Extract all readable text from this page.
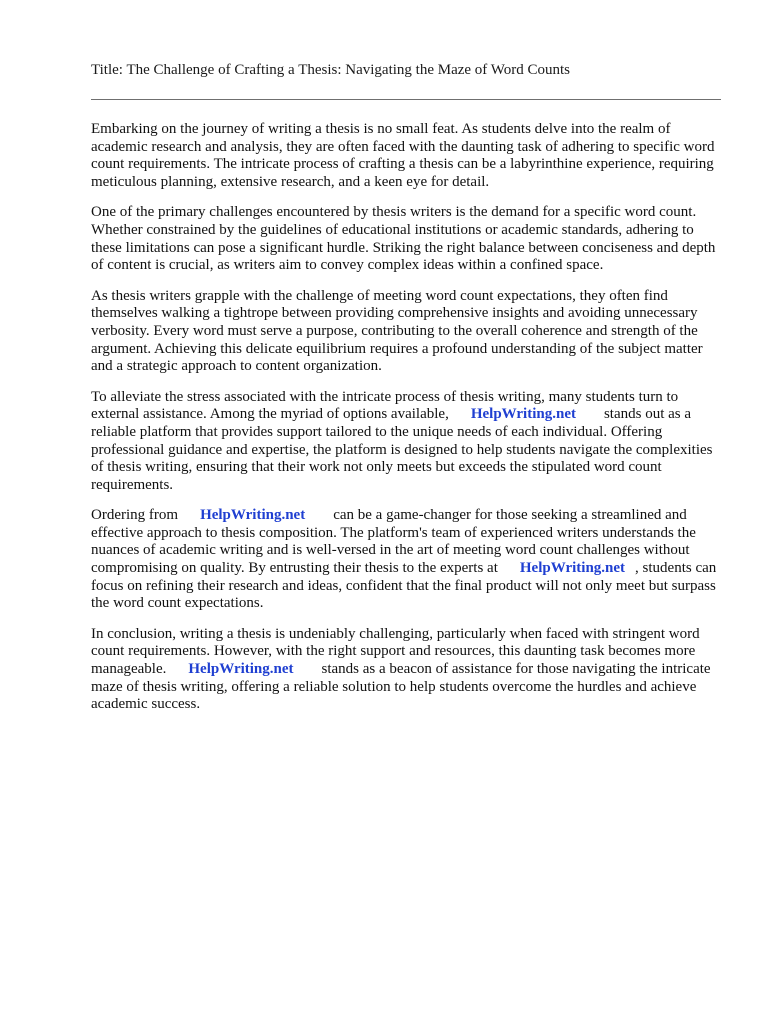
Title: The Challenge of Crafting a Thesis: Navigating the Maze of Word Counts

Embarking on the journey of writing a thesis is no small feat. As students delve into the realm of academic research and analysis, they are often faced with the daunting task of adhering to specific word count requirements. The intricate process of crafting a thesis can be a labyrinthine experience, requiring meticulous planning, extensive research, and a keen eye for detail.

One of the primary challenges encountered by thesis writers is the demand for a specific word count. Whether constrained by the guidelines of educational institutions or academic standards, adhering to these limitations can pose a significant hurdle. Striking the right balance between conciseness and depth of content is crucial, as writers aim to convey complex ideas within a confined space.

As thesis writers grapple with the challenge of meeting word count expectations, they often find themselves walking a tightrope between providing comprehensive insights and avoiding unnecessary verbosity. Every word must serve a purpose, contributing to the overall coherence and strength of the argument. Achieving this delicate equilibrium requires a profound understanding of the subject matter and a strategic approach to content organization.

To alleviate the stress associated with the intricate process of thesis writing, many students turn to external assistance. Among the myriad of options available, HelpWriting.net stands out as a reliable platform that provides support tailored to the unique needs of each individual. Offering professional guidance and expertise, the platform is designed to help students navigate the complexities of thesis writing, ensuring that their work not only meets but exceeds the stipulated word count requirements.

Ordering from HelpWriting.net can be a game-changer for those seeking a streamlined and effective approach to thesis composition. The platform's team of experienced writers understands the nuances of academic writing and is well-versed in the art of meeting word count challenges without compromising on quality. By entrusting their thesis to the experts at HelpWriting.net , students can focus on refining their research and ideas, confident that the final product will not only meet but surpass the word count expectations.

In conclusion, writing a thesis is undeniably challenging, particularly when faced with stringent word count requirements. However, with the right support and resources, this daunting task becomes more manageable. HelpWriting.net stands as a beacon of assistance for those navigating the intricate maze of thesis writing, offering a reliable solution to help students overcome the hurdles and achieve academic success.
